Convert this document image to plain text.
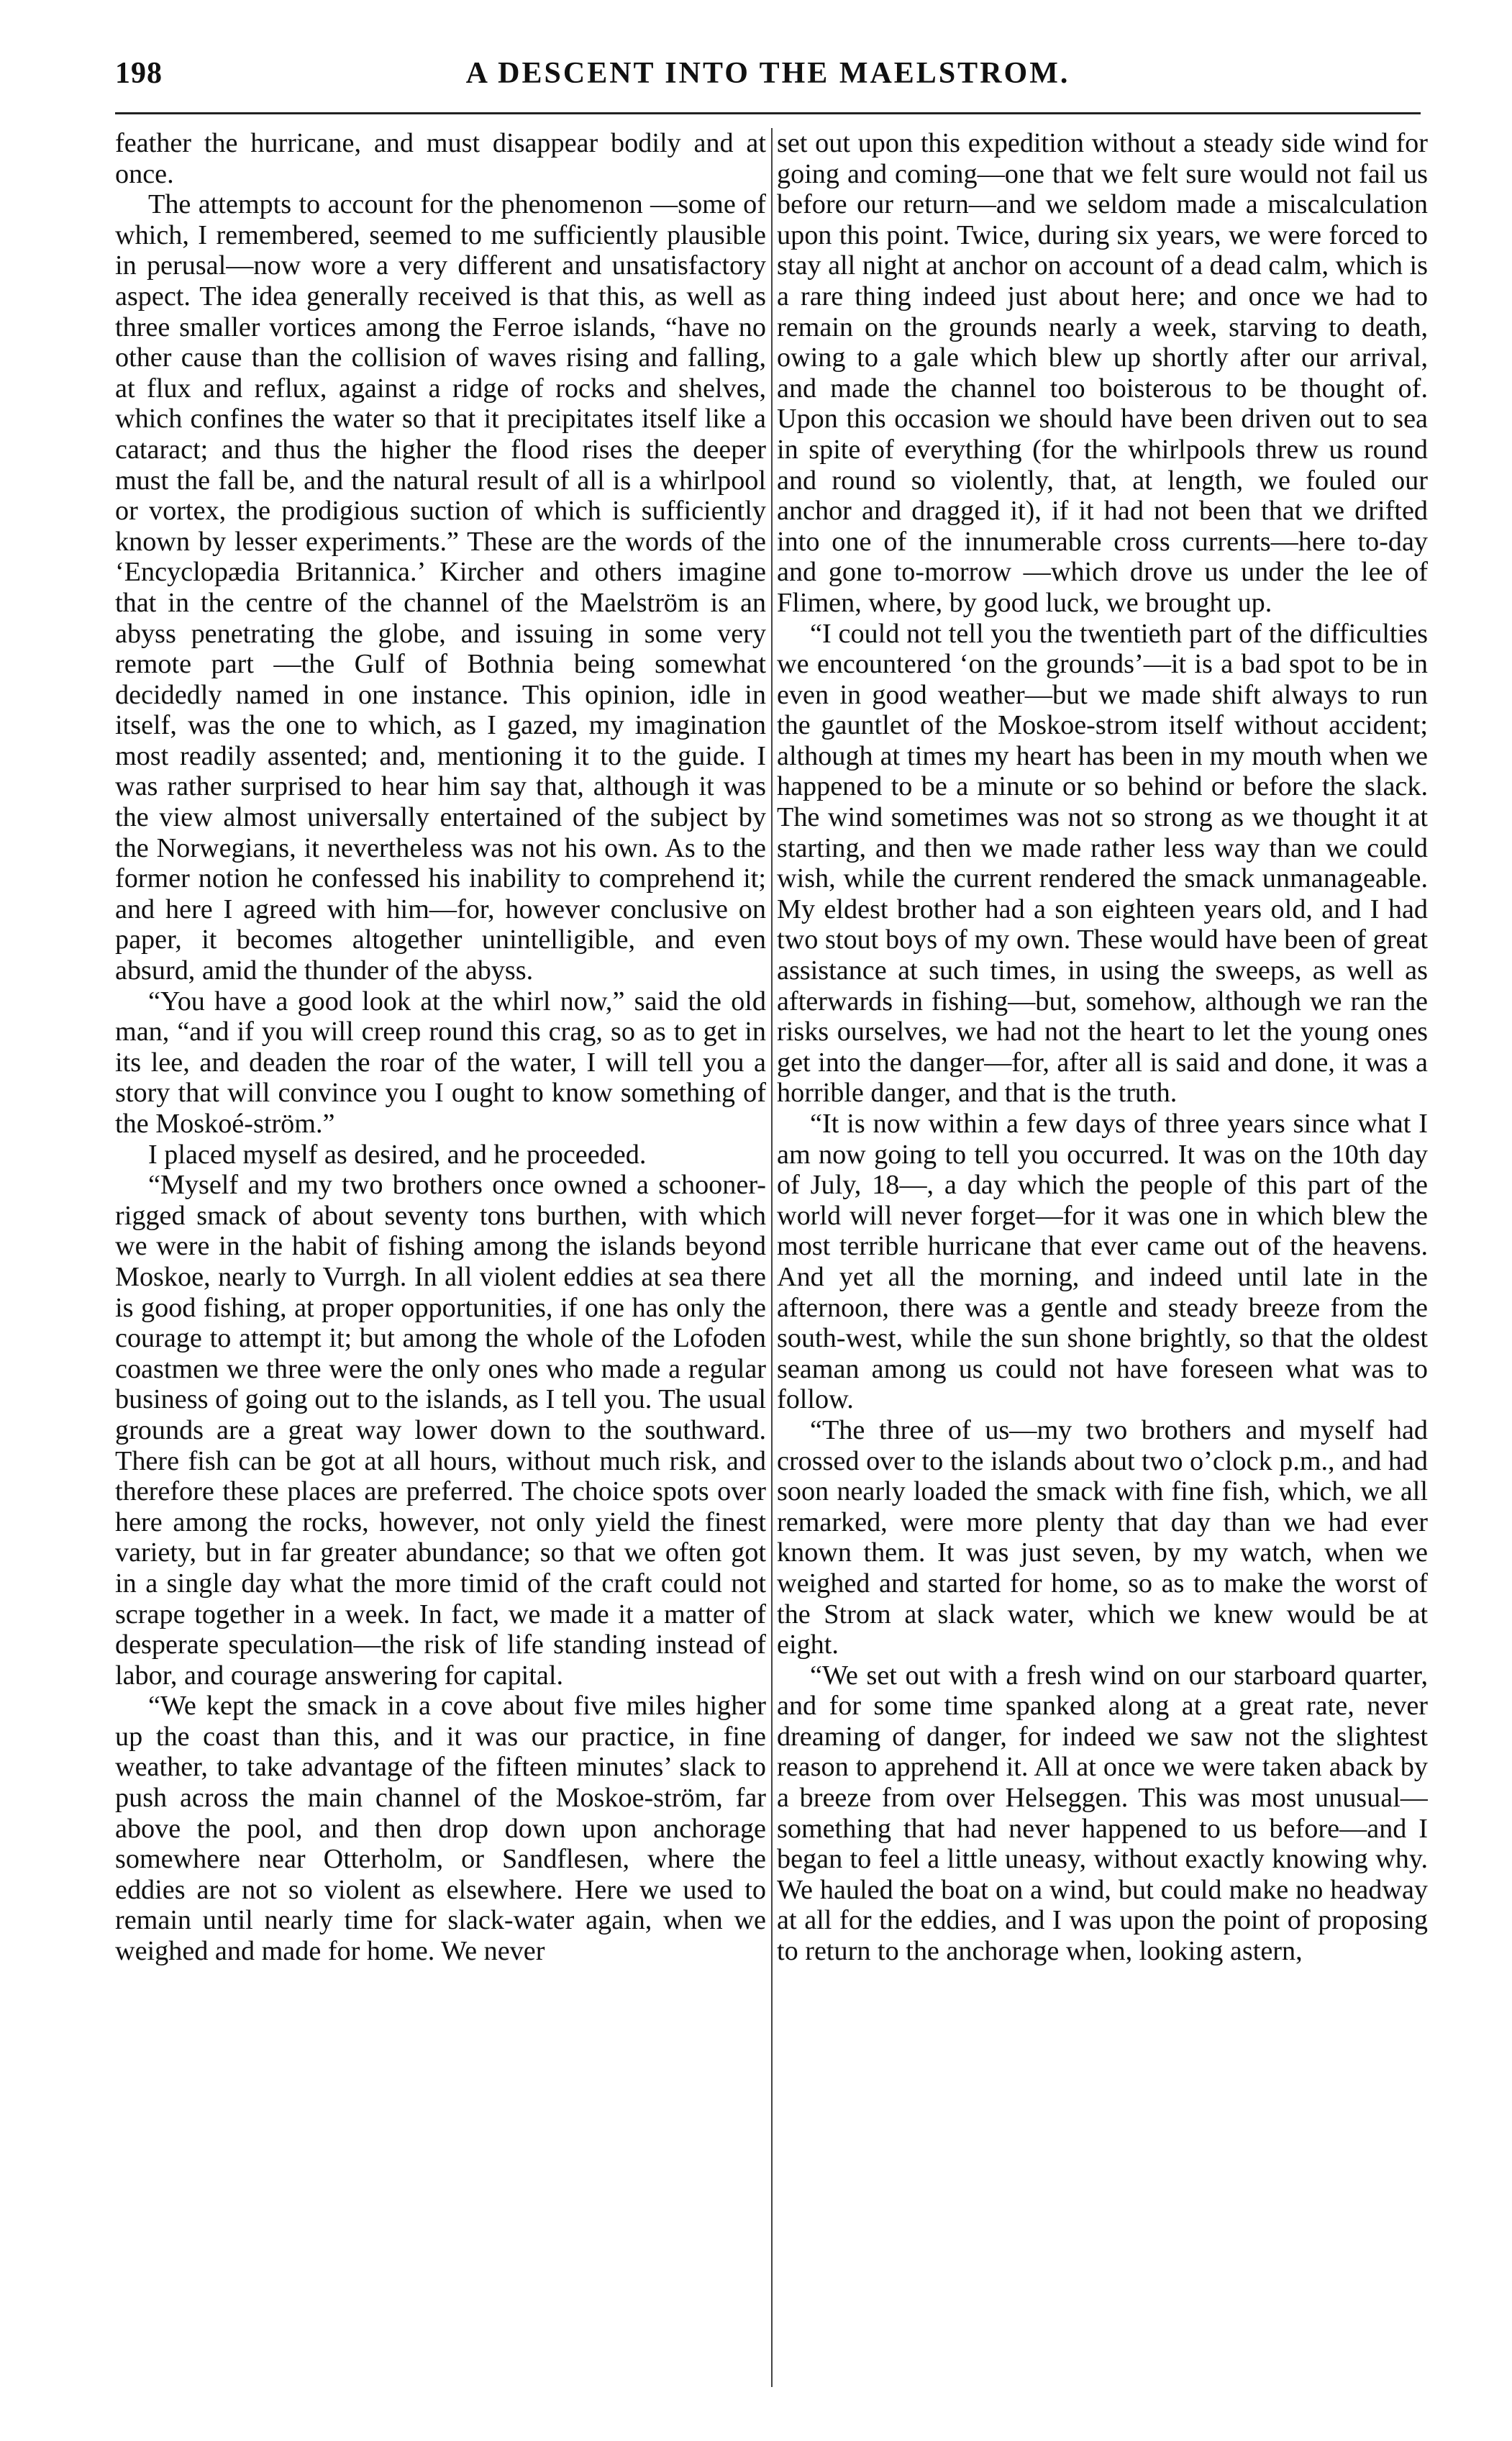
198	A DESCENT INTO THE MAELSTROM.

feather the hurricane, and must disappear bodily and at once.

The attempts to account for the phenomenon —some of which, I remembered, seemed to me sufficiently plausible in perusal—now wore a very different and unsatisfactory aspect. The idea generally received is that this, as well as three smaller vortices among the Ferroe islands, “have no other cause than the collision of waves rising and falling, at flux and reflux, against a ridge of rocks and shelves, which confines the water so that it precipitates itself like a cataract; and thus the higher the flood rises the deeper must the fall be, and the natural result of all is a whirlpool or vortex, the prodigious suction of which is sufficiently known by lesser experiments.” These are the words of the ‘Encyclopædia Britannica.’ Kircher and others imagine that in the centre of the channel of the Maelström is an abyss penetrating the globe, and issuing in some very remote part —the Gulf of Bothnia being somewhat decidedly named in one instance. This opinion, idle in itself, was the one to which, as I gazed, my imagination most readily assented; and, mentioning it to the guide. I was rather surprised to hear him say that, although it was the view almost universally entertained of the subject by the Norwegians, it nevertheless was not his own. As to the former notion he confessed his inability to comprehend it; and here I agreed with him—for, however conclusive on paper, it becomes altogether unintelligible, and even absurd, amid the thunder of the abyss.

“You have a good look at the whirl now,” said the old man, “and if you will creep round this crag, so as to get in its lee, and deaden the roar of the water, I will tell you a story that will convince you I ought to know something of the Moskoé-ström.”

I placed myself as desired, and he proceeded.

“Myself and my two brothers once owned a schooner-rigged smack of about seventy tons burthen, with which we were in the habit of fishing among the islands beyond Moskoe, nearly to Vurrgh. In all violent eddies at sea there is good fishing, at proper opportunities, if one has only the courage to attempt it; but among the whole of the Lofoden coastmen we three were the only ones who made a regular business of going out to the islands, as I tell you. The usual grounds are a great way lower down to the southward. There fish can be got at all hours, without much risk, and therefore these places are preferred. The choice spots over here among the rocks, however, not only yield the finest variety, but in far greater abundance; so that we often got in a single day what the more timid of the craft could not scrape together in a week. In fact, we made it a matter of desperate speculation—the risk of life standing instead of labor, and courage answering for capital.

“We kept the smack in a cove about five miles higher up the coast than this, and it was our practice, in fine weather, to take advantage of the fifteen minutes’ slack to push across the main channel of the Moskoe-ström, far above the pool, and then drop down upon anchorage somewhere near Otterholm, or Sandflesen, where the eddies are not so violent as elsewhere. Here we used to remain until nearly time for slack-water again, when we weighed and made for home. We never

set out upon this expedition without a steady side wind for going and coming—one that we felt sure would not fail us before our return—and we seldom made a miscalculation upon this point. Twice, during six years, we were forced to stay all night at anchor on account of a dead calm, which is a rare thing indeed just about here; and once we had to remain on the grounds nearly a week, starving to death, owing to a gale which blew up shortly after our arrival, and made the channel too boisterous to be thought of. Upon this occasion we should have been driven out to sea in spite of everything (for the whirlpools threw us round and round so violently, that, at length, we fouled our anchor and dragged it), if it had not been that we drifted into one of the innumerable cross currents—here to-day and gone to-morrow —which drove us under the lee of Flimen, where, by good luck, we brought up.

“I could not tell you the twentieth part of the difficulties we encountered ‘on the grounds’—it is a bad spot to be in even in good weather—but we made shift always to run the gauntlet of the Moskoe-strom itself without accident; although at times my heart has been in my mouth when we happened to be a minute or so behind or before the slack. The wind sometimes was not so strong as we thought it at starting, and then we made rather less way than we could wish, while the current rendered the smack unmanageable. My eldest brother had a son eighteen years old, and I had two stout boys of my own. These would have been of great assistance at such times, in using the sweeps, as well as afterwards in fishing—but, somehow, although we ran the risks ourselves, we had not the heart to let the young ones get into the danger—for, after all is said and done, it was a horrible danger, and that is the truth.

“It is now within a few days of three years since what I am now going to tell you occurred. It was on the 10th day of July, 18—, a day which the people of this part of the world will never forget—for it was one in which blew the most terrible hurricane that ever came out of the heavens. And yet all the morning, and indeed until late in the afternoon, there was a gentle and steady breeze from the south-west, while the sun shone brightly, so that the oldest seaman among us could not have foreseen what was to follow.

“The three of us—my two brothers and myself had crossed over to the islands about two o’clock p.m., and had soon nearly loaded the smack with fine fish, which, we all remarked, were more plenty that day than we had ever known them. It was just seven, by my watch, when we weighed and started for home, so as to make the worst of the Strom at slack water, which we knew would be at eight.

“We set out with a fresh wind on our starboard quarter, and for some time spanked along at a great rate, never dreaming of danger, for indeed we saw not the slightest reason to apprehend it. All at once we were taken aback by a breeze from over Helseggen. This was most unusual—something that had never happened to us before—and I began to feel a little uneasy, without exactly knowing why. We hauled the boat on a wind, but could make no headway at all for the eddies, and I was upon the point of proposing to return to the anchorage when, looking astern,
